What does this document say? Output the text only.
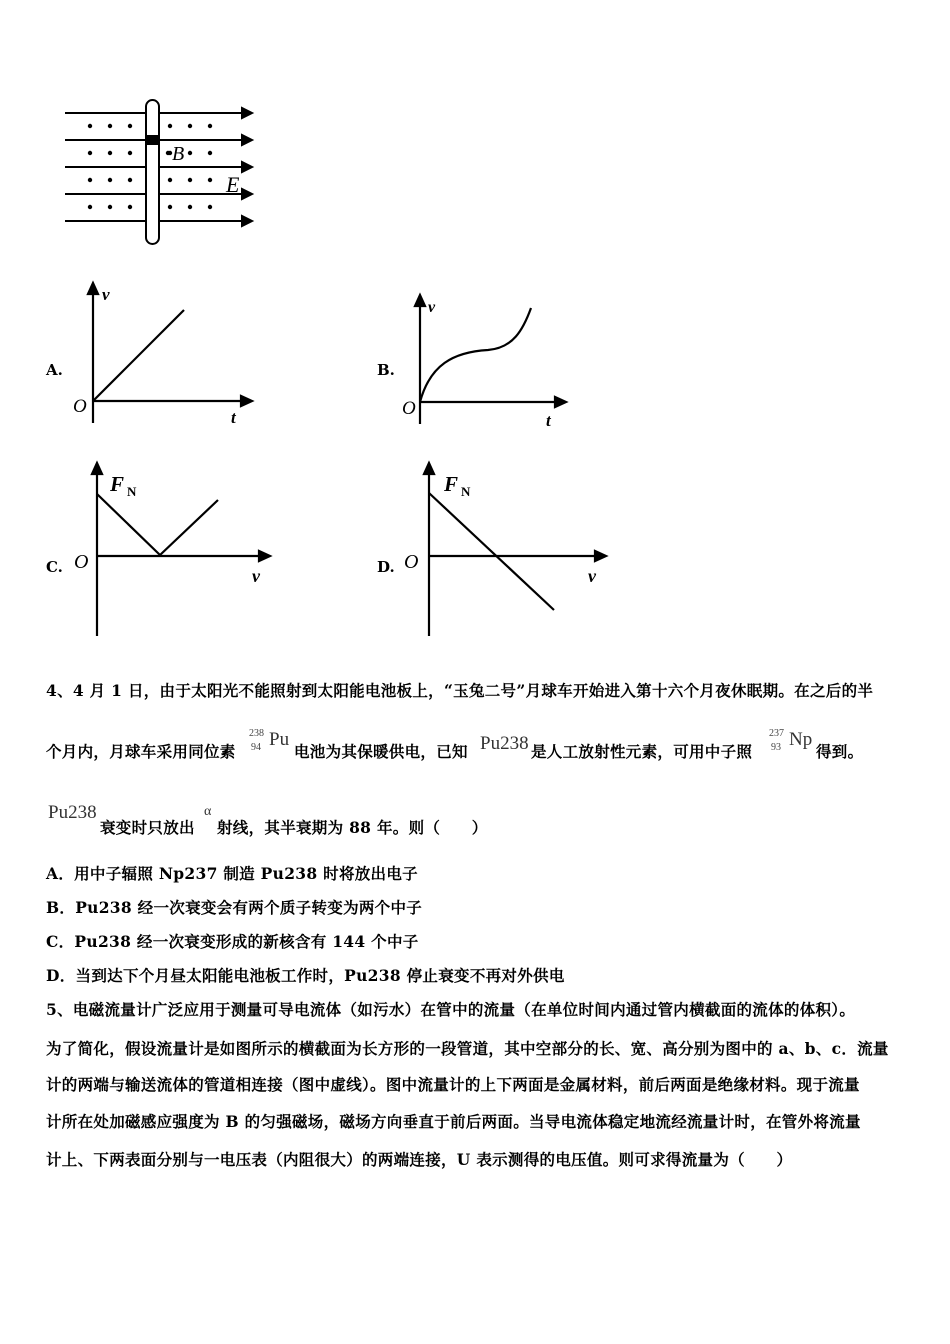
B
E
A.
v
O
t
B.
v
O
t
C.
F N
O
v	D.
F N
O
v
4、4 月 1 日，由于太阳光不能照射到太阳能电池板上，“玉兔二号”月球车开始进入第十六个月夜休眠期。在之后的半
个月内，月球车采用同位素
238
94 Pu
电池为其保暖供电，已知 Pu238 是人工放射性元素，可用中子照
237
93 Np
得到。
Pu238
衰变时只放出
α
射线，其半衰期为 88 年。则（　　）
A．用中子辐照 Np237 制造 Pu238 时将放出电子
B．Pu238 经一次衰变会有两个质子转变为两个中子
C．Pu238 经一次衰变形成的新核含有 144 个中子
D．当到达下个月昼太阳能电池板工作时，Pu238 停止衰变不再对外供电
5、电磁流量计广泛应用于测量可导电流体（如污水）在管中的流量（在单位时间内通过管内横截面的流体的体积）。
为了简化，假设流量计是如图所示的横截面为长方形的一段管道，其中空部分的长、宽、高分别为图中的 a、b、c．流量
计的两端与输送流体的管道相连接（图中虚线）。图中流量计的上下两面是金属材料，前后两面是绝缘材料。现于流量
计所在处加磁感应强度为 B 的匀强磁场，磁场方向垂直于前后两面。当导电流体稳定地流经流量计时，在管外将流量
计上、下两表面分别与一电压表（内阻很大）的两端连接，U 表示测得的电压值。则可求得流量为（　　）
